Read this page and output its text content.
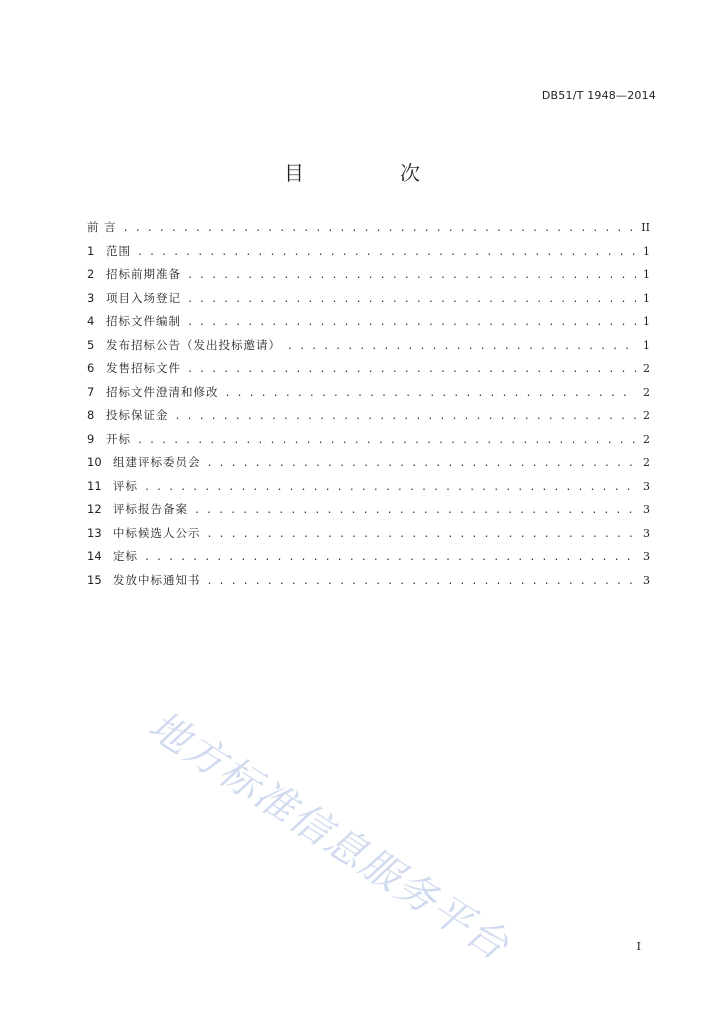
DB51/T 1948—2014
目　次
前 言 . . .	II
1	范围 . . .	1
2	招标前期准备 . . .	1
3	项目入场登记 . . .	1
4	招标文件编制 . . .	1
5	发布招标公告（发出投标邀请） . . .	1
6	发售招标文件 . . .	2
7	招标文件澄清和修改 . . .	2
8	投标保证金 . . .	2
9	开标 . . .	2
10 组建评标委员会 . . .	2
11 评标 . . .	3
12 评标报告备案 . . .	3
13 中标候选人公示 . . .	3
14 定标 . . .	3
15 发放中标通知书 . . .	3
地方标准信息服务平台	I
